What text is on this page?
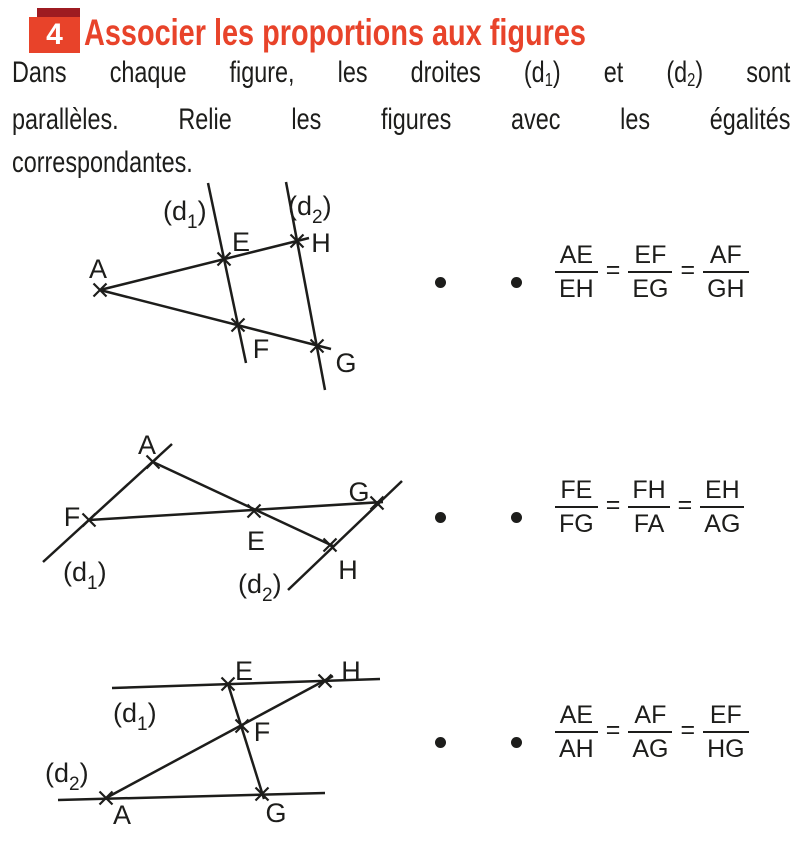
4 Associer les proportions aux figures
Dans chaque figure, les droites (d1) et (d2) sont
parallèles. Relie les figures avec les égalités
correspondantes.
A
E H
F G
$(d_1)$	$(d_2)$
A
F
E
G
H
$(d_1)$	$(d_2)$
E	H
F
A	G
$(d_1)$
$(d_2)$
$\frac{AE}{EH} = \frac{EF}{EG} = \frac{AF}{GH}$
$\frac{FE}{FG} = \frac{FH}{FA} = \frac{EH}{AG}$
$\frac{AE}{AH} = \frac{AF}{AG} = \frac{EF}{HG}$
